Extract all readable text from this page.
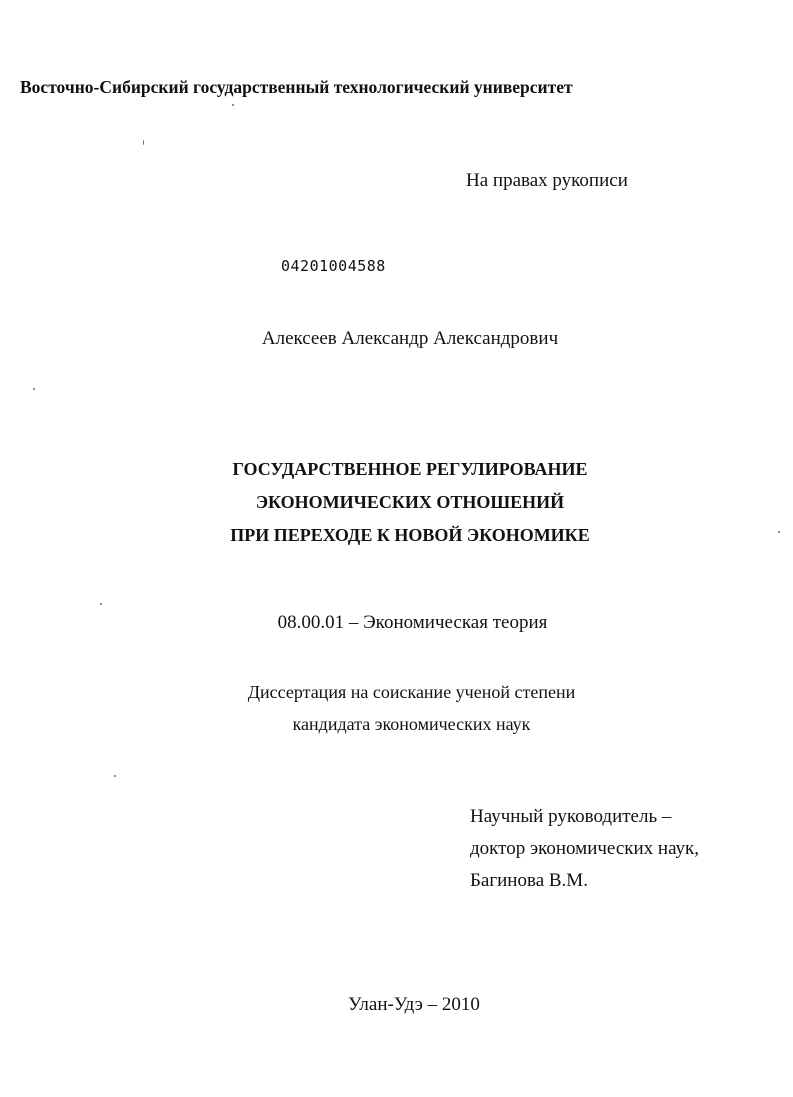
Восточно-Сибирский государственный технологический университет
На правах рукописи
04201004588
Алексеев Александр Александрович
ГОСУДАРСТВЕННОЕ РЕГУЛИРОВАНИЕ
ЭКОНОМИЧЕСКИХ ОТНОШЕНИЙ
ПРИ ПЕРЕХОДЕ К НОВОЙ ЭКОНОМИКЕ
08.00.01 – Экономическая теория
Диссертация на соискание ученой степени
кандидата экономических наук
Научный руководитель –
доктор экономических наук,
Багинова В.М.
Улан-Удэ – 2010
